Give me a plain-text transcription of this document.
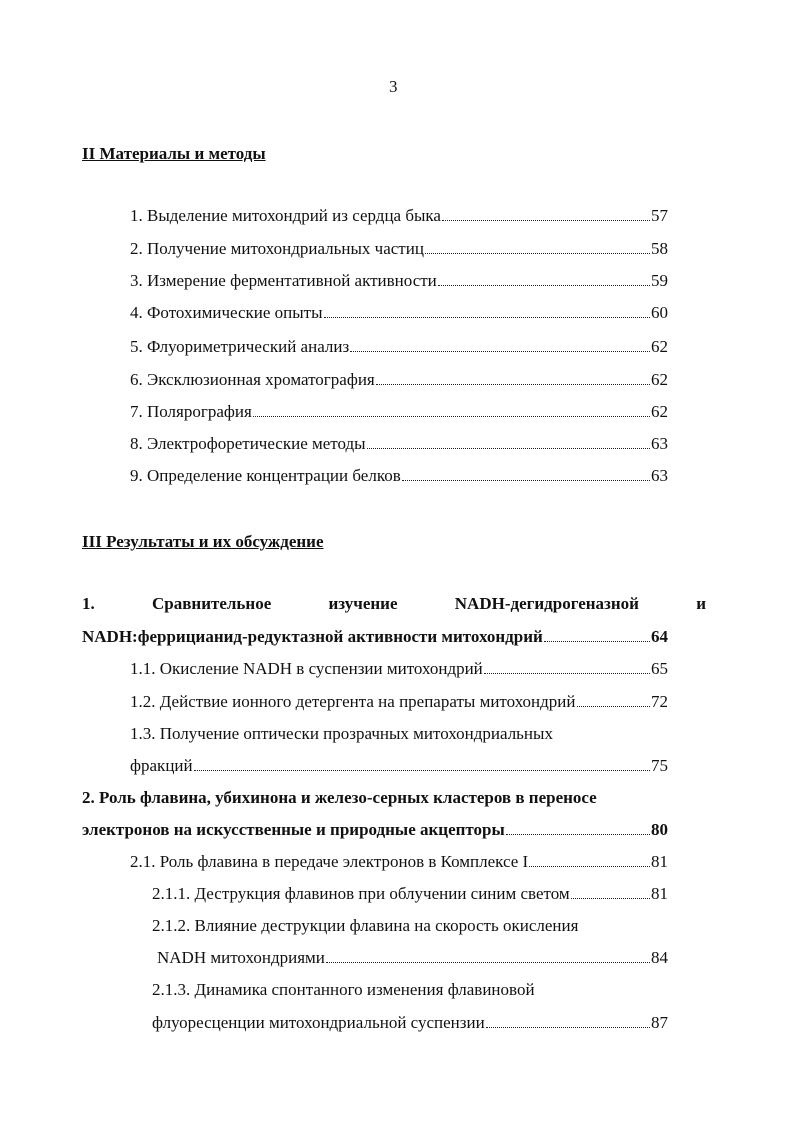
3
II Материалы и методы
1. Выделение митохондрий из сердца быка	57
2. Получение митохондриальных частиц	58
3. Измерение ферментативной активности	59
4. Фотохимические опыты	60
5. Флуориметрический анализ	62
6. Эксклюзионная хроматография	62
7. Полярография	62
8. Электрофоретические методы	63
9. Определение концентрации белков	63
III Результаты и их обсуждение
1.	Сравнительное	изучение	NADH-дегидрогеназной	и
NADH:феррицианид-редуктазной активности митохондрий	64
1.1. Окисление NADH в суспензии митохондрий	65
1.2. Действие ионного детергента на препараты митохондрий	72
1.3. Получение оптически прозрачных митохондриальных
фракций	75
2. Роль флавина, убихинона и железо-серных кластеров в переносе
электронов на искусственные и природные акцепторы	80
2.1. Роль флавина в передаче электронов в Комплексе I	81
2.1.1. Деструкция флавинов при облучении синим светом	81
2.1.2. Влияние деструкции флавина на скорость окисления
NADH митохондриями	84
2.1.3. Динамика спонтанного изменения флавиновой
флуоресценции митохондриальной суспензии	87
